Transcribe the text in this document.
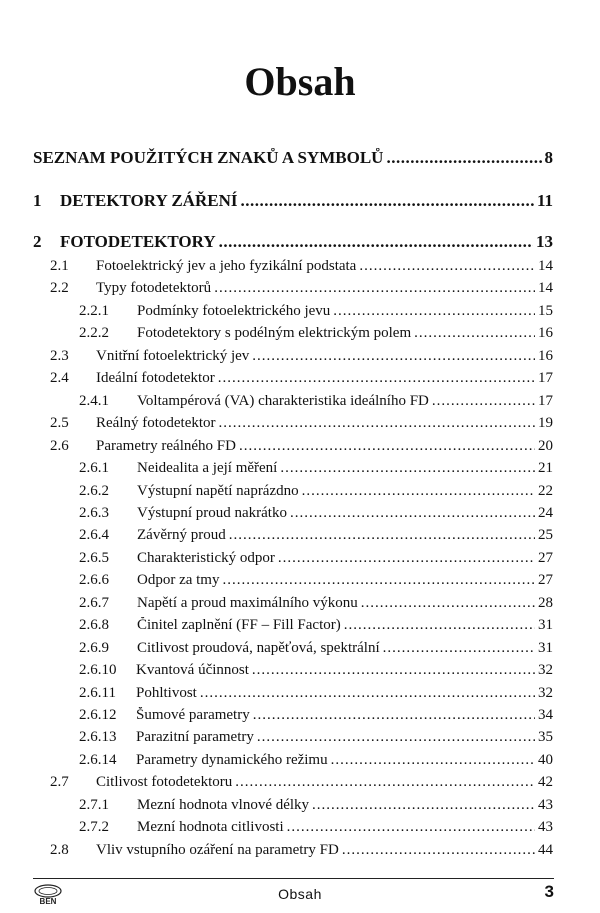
Obsah
SEZNAM POUŽITÝCH ZNAKŮ A SYMBOLŮ .....	8
1	DETEKTORY ZÁŘENÍ .....	11
2	FOTODETEKTORY .....	13
2.1	Fotoelektrický jev a jeho fyzikální podstata .....	14
2.2	Typy fotodetektorů .....	14
2.2.1	Podmínky fotoelektrického jevu .....	15
2.2.2	Fotodetektory s podélným elektrickým polem .....	16
2.3	Vnitřní fotoelektrický jev .....	16
2.4	Ideální fotodetektor .....	17
2.4.1	Voltampérová (VA) charakteristika ideálního FD .....	17
2.5	Reálný fotodetektor .....	19
2.6	Parametry reálného FD .....	20
2.6.1	Neidealita a její měření .....	21
2.6.2	Výstupní napětí naprázdno .....	22
2.6.3	Výstupní proud nakrátko .....	24
2.6.4	Závěrný proud .....	25
2.6.5	Charakteristický odpor .....	27
2.6.6	Odpor za tmy .....	27
2.6.7	Napětí a proud maximálního výkonu .....	28
2.6.8	Činitel zaplnění (FF – Fill Factor) .....	31
2.6.9	Citlivost proudová, napěťová, spektrální .....	31
2.6.10	Kvantová účinnost .....	32
2.6.11	Pohltivost .....	32
2.6.12	Šumové parametry .....	34
2.6.13	Parazitní parametry .....	35
2.6.14	Parametry dynamického režimu .....	40
2.7	Citlivost fotodetektoru .....	42
2.7.1	Mezní hodnota vlnové délky .....	43
2.7.2	Mezní hodnota citlivosti .....	43
2.8	Vliv vstupního ozáření na parametry FD .....	44
BEN	Obsah	3
